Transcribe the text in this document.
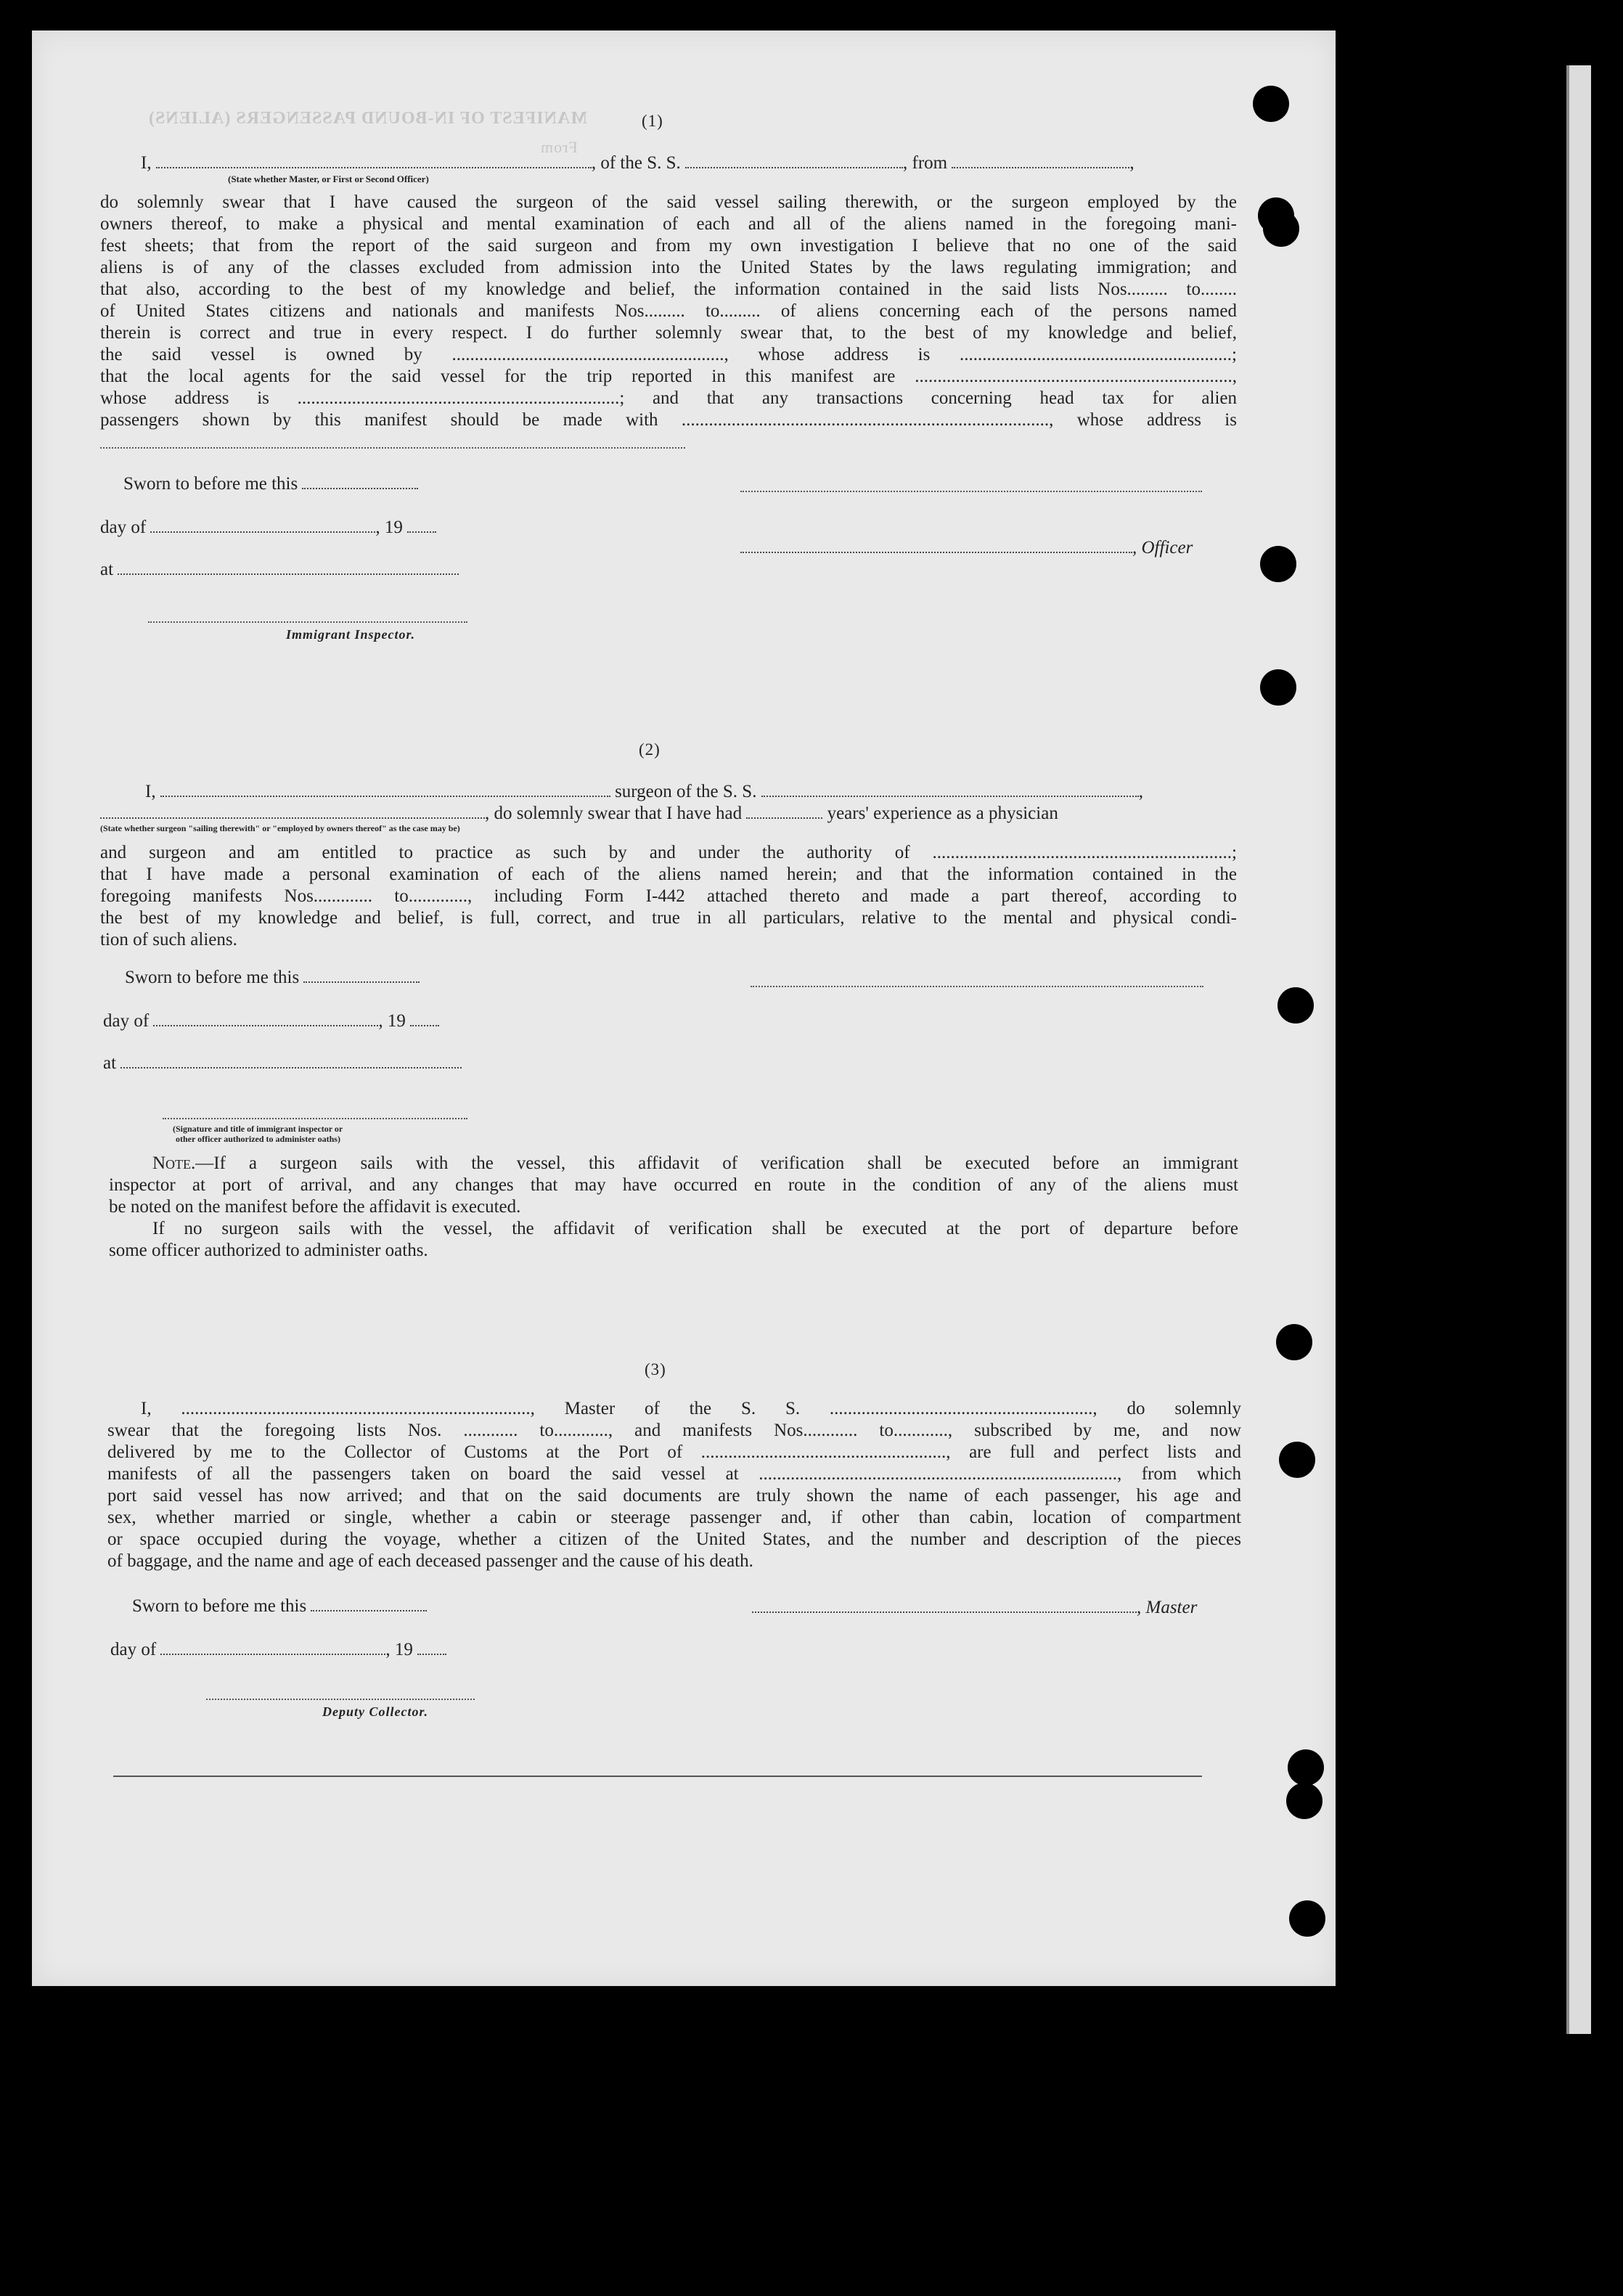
MANIFEST OF IN-BOUND PASSENGERS (ALIENS)
From
(1)
I,	, of the S. S.	, from	,
(State whether Master, or First or Second Officer)

do solemnly swear that I have caused the surgeon of the said vessel sailing therewith, or the surgeon employed by the

owners thereof, to make a physical and mental examination of each and all of the aliens named in the foregoing mani-

fest sheets; that from the report of the said surgeon and from my own investigation I believe that no one of the said

aliens is of any of the classes excluded from admission into the United States by the laws regulating immigration; and

that also, according to the best of my knowledge and belief, the information contained in the said lists Nos......... to........

of United States citizens and nationals and manifests Nos......... to......... of aliens concerning each of the persons named

therein is correct and true in every respect. I do further solemnly swear that, to the best of my knowledge and belief,

the said vessel is owned by ............................................................, whose address is ............................................................;

that the local agents for the said vessel for the trip reported in this manifest are ......................................................................,

whose address is .......................................................................; and that any transactions concerning head tax for alien

passengers shown by this manifest should be made with ................................................................................., whose address is

Sworn to before me this
day of	, 19
at
, Officer
Immigrant Inspector.
(2)
I,	surgeon of the S. S.	,
, do solemnly swear that I have had	years' experience as a physician
(State whether surgeon "sailing therewith" or "employed by owners thereof" as the case may be)

and surgeon and am entitled to practice as such by and under the authority of ..................................................................;

that I have made a personal examination of each of the aliens named herein; and that the information contained in the

foregoing manifests Nos............. to............., including Form I-442 attached thereto and made a part thereof, according to

the best of my knowledge and belief, is full, correct, and true in all particulars, relative to the mental and physical condi-

tion of such aliens.

Sworn to before me this
day of	, 19
at
(Signature and title of immigrant inspector or
other officer authorized to administer oaths)

Note.—If a surgeon sails with the vessel, this affidavit of verification shall be executed before an immigrant

inspector at port of arrival, and any changes that may have occurred en route in the condition of any of the aliens must

be noted on the manifest before the affidavit is executed.

If no surgeon sails with the vessel, the affidavit of verification shall be executed at the port of departure before

some officer authorized to administer oaths.

(3)

I, ............................................................................., Master of the S. S. .........................................................., do solemnly

swear that the foregoing lists Nos. ............ to............, and manifests Nos............ to............, subscribed by me, and now

delivered by me to the Collector of Customs at the Port of ......................................................, are full and perfect lists and

manifests of all the passengers taken on board the said vessel at ..............................................................................., from which

port said vessel has now arrived; and that on the said documents are truly shown the name of each passenger, his age and

sex, whether married or single, whether a cabin or steerage passenger and, if other than cabin, location of compartment

or space occupied during the voyage, whether a citizen of the United States, and the number and description of the pieces

of baggage, and the name and age of each deceased passenger and the cause of his death.

Sworn to before me this	, Master
day of	, 19
Deputy Collector.
